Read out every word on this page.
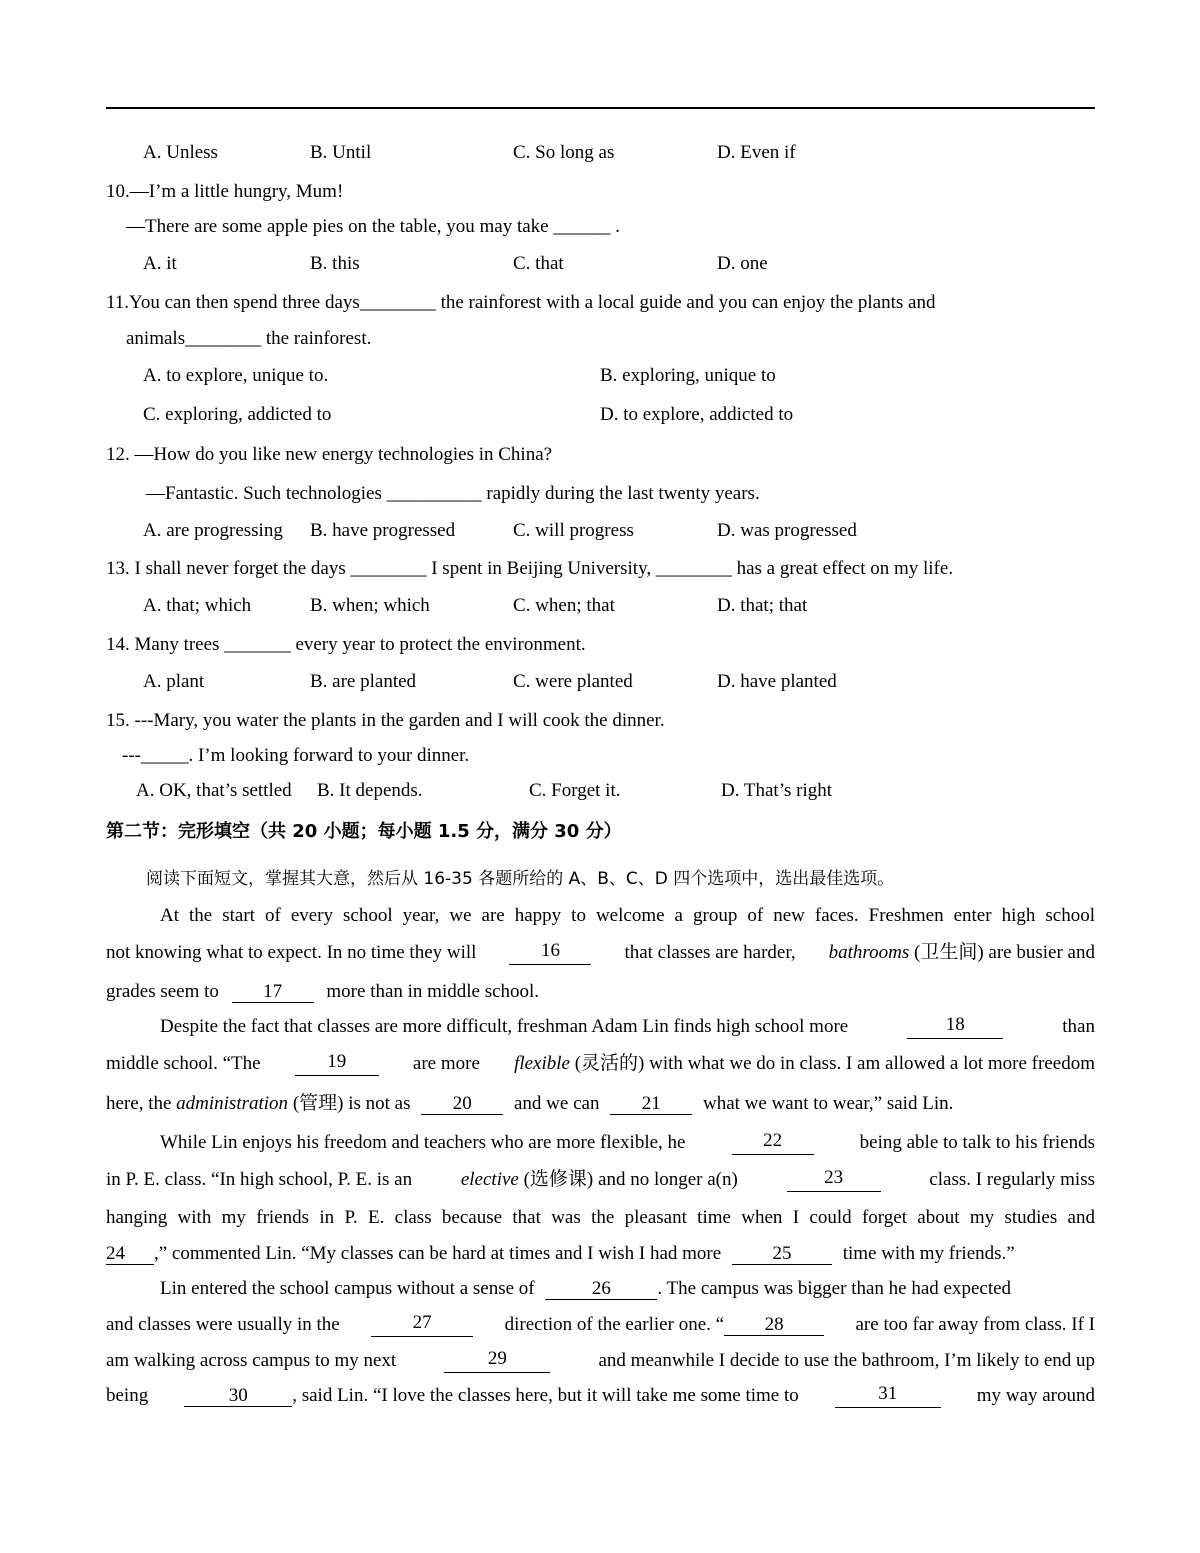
A. Unless	B. Until	C. So long as	D. Even if
10.—I’m a little hungry, Mum!
—There are some apple pies on the table, you may take ______ .
A. it	B. this	C. that	D. one
11.You can then spend three days________ the rainforest with a local guide and you can enjoy the plants and
animals________ the rainforest.
A. to explore, unique to.	B. exploring, unique to
C. exploring, addicted to	D. to explore, addicted to
12. —How do you like new energy technologies in China?
—Fantastic. Such technologies __________ rapidly during the last twenty years.
A. are progressing B. have progressed	C. will progress	D. was progressed
13. I shall never forget the days ________ I spent in Beijing University, ________ has a great effect on my life.
A. that; which	B. when; which	C. when; that	D. that; that
14. Many trees _______ every year to protect the environment.
A. plant	B. are planted	C. were planted	D. have planted
15. ---Mary, you water the plants in the garden and I will cook the dinner.
---_____. I’m looking forward to your dinner.
A. OK, that’s settled B. It depends.	C. Forget it.	D. That’s right
第二节：完形填空（共 20 小题；每小题 1.5 分，满分 30 分）
阅读下面短文，掌握其大意，然后从 16-35 各题所给的 A、B、C、D 四个选项中，选出最佳选项。
At the start of every school year, we are happy to welcome a group of new faces. Freshmen enter high school
not knowing what to expect. In no time they will	16	that classes are harder, bathrooms (卫生间) are busier and
grades seem to 17 more than in middle school.
Despite the fact that classes are more difficult, freshman Adam Lin finds high school more	18	than
middle school. “The	19	are more flexible (灵活的) with what we do in class. I am allowed a lot more freedom
here, the administration (管理) is not as 20 and we can 21 what we want to wear,” said Lin.
While Lin enjoys his freedom and teachers who are more flexible, he	22	being able to talk to his friends
in P. E. class. “In high school, P. E. is an	elective (选修课) and no longer a(n)	23	class. I regularly miss
hanging with my friends in P. E. class because that was the pleasant time when I could forget about my studies and
24 ,” commented Lin. “My classes can be hard at times and I wish I had more	25	time with my friends.”
Lin entered the school campus without a sense of	26 . The campus was bigger than he had expected
and classes were usually in the	27	direction of the earlier one. “ 28	are too far away from class. If I
am walking across campus to my next	29	and meanwhile I decide to use the bathroom, I’m likely to end up
being	30 , said Lin. “I love the classes here, but it will take me some time to	31	my way around
